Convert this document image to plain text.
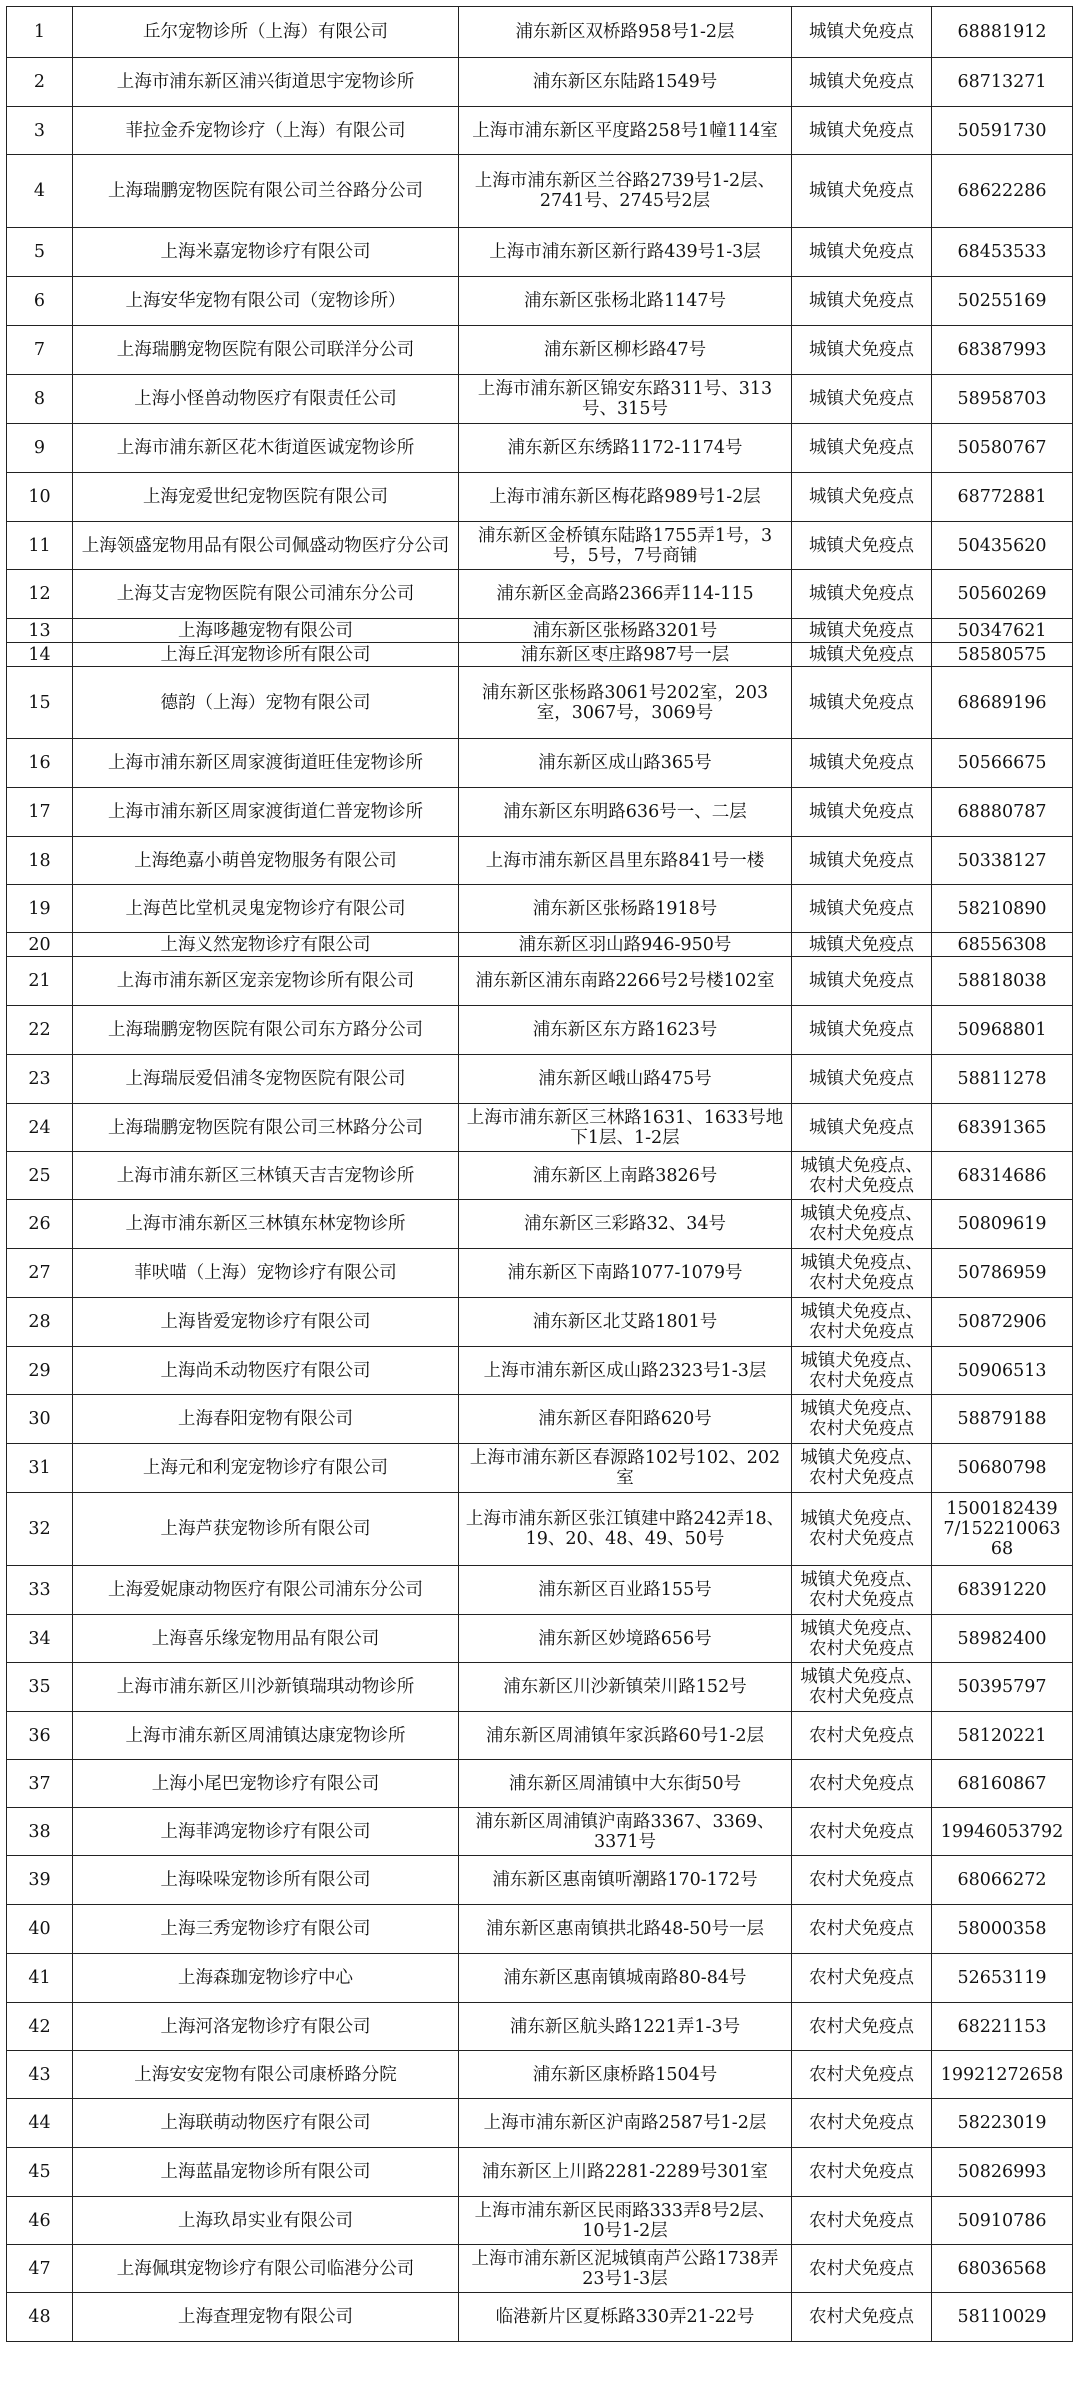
1	丘尔宠物诊所（上海）有限公司	浦东新区双桥路958号1-2层	城镇犬免疫点	68881912
2	上海市浦东新区浦兴街道思宇宠物诊所	浦东新区东陆路1549号	城镇犬免疫点	68713271
3	菲拉金乔宠物诊疗（上海）有限公司	上海市浦东新区平度路258号1幢114室	城镇犬免疫点	50591730
4	上海瑞鹏宠物医院有限公司兰谷路分公司	上海市浦东新区兰谷路2739号1-2层、2741号、2745号2层	城镇犬免疫点	68622286
5	上海米嘉宠物诊疗有限公司	上海市浦东新区新行路439号1-3层	城镇犬免疫点	68453533
6	上海安华宠物有限公司（宠物诊所）	浦东新区张杨北路1147号	城镇犬免疫点	50255169
7	上海瑞鹏宠物医院有限公司联洋分公司	浦东新区柳杉路47号	城镇犬免疫点	68387993
8	上海小怪兽动物医疗有限责任公司	上海市浦东新区锦安东路311号、313号、315号	城镇犬免疫点	58958703
9	上海市浦东新区花木街道医诚宠物诊所	浦东新区东绣路1172-1174号	城镇犬免疫点	50580767
10	上海宠爱世纪宠物医院有限公司	上海市浦东新区梅花路989号1-2层	城镇犬免疫点	68772881
11	上海领盛宠物用品有限公司佩盛动物医疗分公司	浦东新区金桥镇东陆路1755弄1号，3号，5号，7号商铺	城镇犬免疫点	50435620
12	上海艾吉宠物医院有限公司浦东分公司	浦东新区金高路2366弄114-115	城镇犬免疫点	50560269
13	上海哆趣宠物有限公司	浦东新区张杨路3201号	城镇犬免疫点	50347621
14	上海丘洱宠物诊所有限公司	浦东新区枣庄路987号一层	城镇犬免疫点	58580575
15	德韵（上海）宠物有限公司	浦东新区张杨路3061号202室，203室，3067号，3069号	城镇犬免疫点	68689196
16	上海市浦东新区周家渡街道旺佳宠物诊所	浦东新区成山路365号	城镇犬免疫点	50566675
17	上海市浦东新区周家渡街道仁普宠物诊所	浦东新区东明路636号一、二层	城镇犬免疫点	68880787
18	上海绝嘉小萌兽宠物服务有限公司	上海市浦东新区昌里东路841号一楼	城镇犬免疫点	50338127
19	上海芭比堂机灵鬼宠物诊疗有限公司	浦东新区张杨路1918号	城镇犬免疫点	58210890
20	上海义然宠物诊疗有限公司	浦东新区羽山路946-950号	城镇犬免疫点	68556308
21	上海市浦东新区宠亲宠物诊所有限公司	浦东新区浦东南路2266号2号楼102室	城镇犬免疫点	58818038
22	上海瑞鹏宠物医院有限公司东方路分公司	浦东新区东方路1623号	城镇犬免疫点	50968801
23	上海瑞辰爱侣浦冬宠物医院有限公司	浦东新区峨山路475号	城镇犬免疫点	58811278
24	上海瑞鹏宠物医院有限公司三林路分公司	上海市浦东新区三林路1631、1633号地下1层、1-2层	城镇犬免疫点	68391365
25	上海市浦东新区三林镇天吉吉宠物诊所	浦东新区上南路3826号	城镇犬免疫点、农村犬免疫点	68314686
26	上海市浦东新区三林镇东林宠物诊所	浦东新区三彩路32、34号	城镇犬免疫点、农村犬免疫点	50809619
27	菲吠喵（上海）宠物诊疗有限公司	浦东新区下南路1077-1079号	城镇犬免疫点、农村犬免疫点	50786959
28	上海皆爱宠物诊疗有限公司	浦东新区北艾路1801号	城镇犬免疫点、农村犬免疫点	50872906
29	上海尚禾动物医疗有限公司	上海市浦东新区成山路2323号1-3层	城镇犬免疫点、农村犬免疫点	50906513
30	上海春阳宠物有限公司	浦东新区春阳路620号	城镇犬免疫点、农村犬免疫点	58879188
31	上海元和利宠宠物诊疗有限公司	上海市浦东新区春源路102号102、202室	城镇犬免疫点、农村犬免疫点	50680798
32	上海芦获宠物诊所有限公司	上海市浦东新区张江镇建中路242弄18、19、20、48、49、50号	城镇犬免疫点、农村犬免疫点	15001824397/15221006368
33	上海爱妮康动物医疗有限公司浦东分公司	浦东新区百业路155号	城镇犬免疫点、农村犬免疫点	68391220
34	上海喜乐缘宠物用品有限公司	浦东新区妙境路656号	城镇犬免疫点、农村犬免疫点	58982400
35	上海市浦东新区川沙新镇瑞琪动物诊所	浦东新区川沙新镇荣川路152号	城镇犬免疫点、农村犬免疫点	50395797
36	上海市浦东新区周浦镇达康宠物诊所	浦东新区周浦镇年家浜路60号1-2层	农村犬免疫点	58120221
37	上海小尾巴宠物诊疗有限公司	浦东新区周浦镇中大东街50号	农村犬免疫点	68160867
38	上海菲鸿宠物诊疗有限公司	浦东新区周浦镇沪南路3367、3369、3371号	农村犬免疫点	19946053792
39	上海哚哚宠物诊所有限公司	浦东新区惠南镇听潮路170-172号	农村犬免疫点	68066272
40	上海三秀宠物诊疗有限公司	浦东新区惠南镇拱北路48-50号一层	农村犬免疫点	58000358
41	上海森珈宠物诊疗中心	浦东新区惠南镇城南路80-84号	农村犬免疫点	52653119
42	上海河洛宠物诊疗有限公司	浦东新区航头路1221弄1-3号	农村犬免疫点	68221153
43	上海安安宠物有限公司康桥路分院	浦东新区康桥路1504号	农村犬免疫点	19921272658
44	上海联萌动物医疗有限公司	上海市浦东新区沪南路2587号1-2层	农村犬免疫点	58223019
45	上海蓝晶宠物诊所有限公司	浦东新区上川路2281-2289号301室	农村犬免疫点	50826993
46	上海玖昂实业有限公司	上海市浦东新区民雨路333弄8号2层、10号1-2层	农村犬免疫点	50910786
47	上海佩琪宠物诊疗有限公司临港分公司	上海市浦东新区泥城镇南芦公路1738弄23号1-3层	农村犬免疫点	68036568
48	上海查理宠物有限公司	临港新片区夏栎路330弄21-22号	农村犬免疫点	58110029
